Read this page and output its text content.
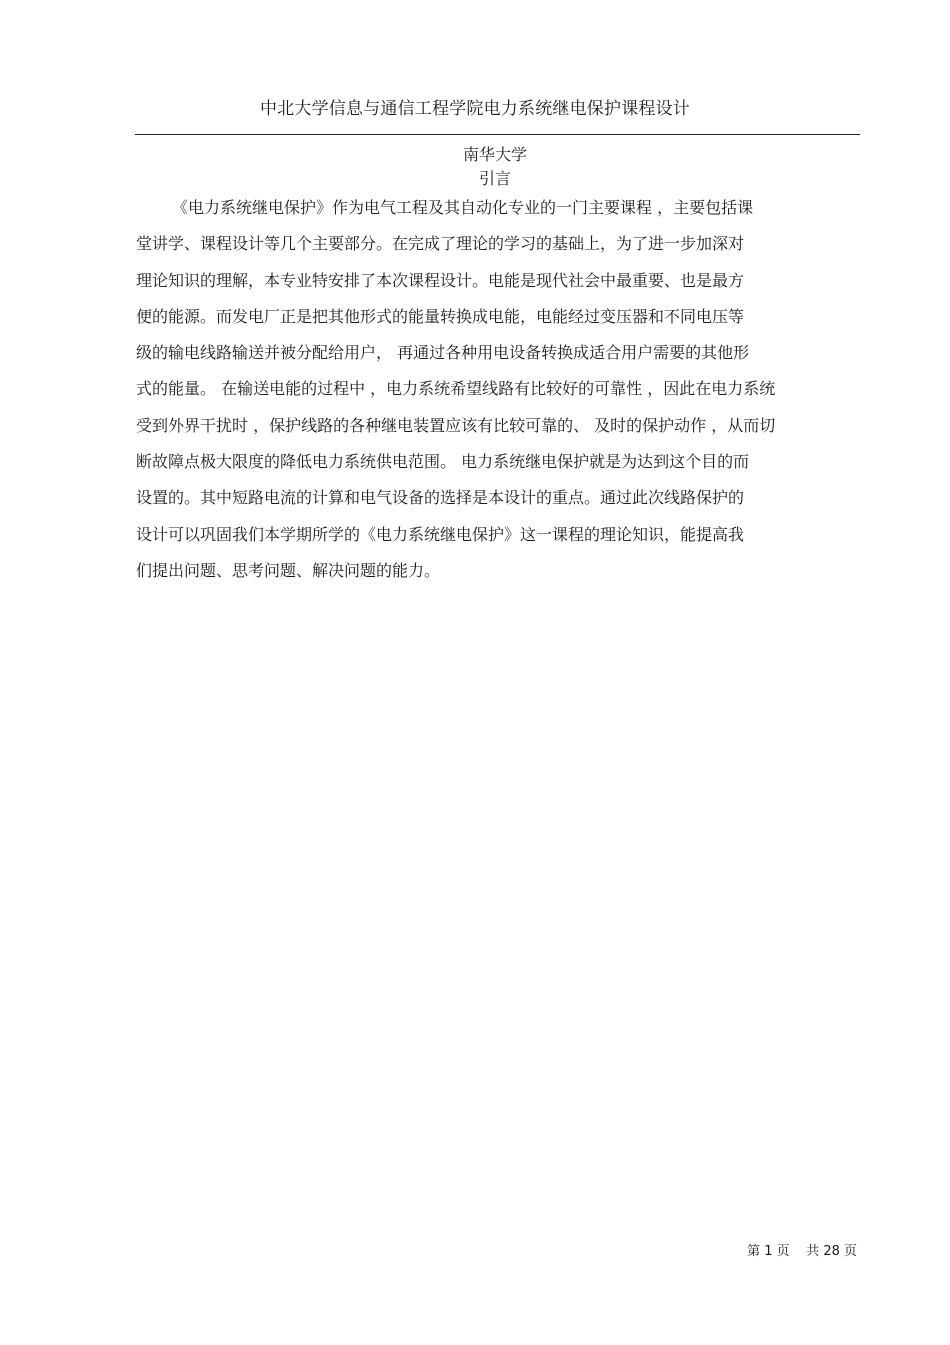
中北大学信息与通信工程学院电力系统继电保护课程设计
南华大学
引言
《电力系统继电保护》作为电气工程及其自动化专业的一门主要课程 ，主要包括课
堂讲学、课程设计等几个主要部分。在完成了理论的学习的基础上，为了进一步加深对
理论知识的理解，本专业特安排了本次课程设计。电能是现代社会中最重要、也是最方
便的能源。而发电厂正是把其他形式的能量转换成电能，电能经过变压器和不同电压等
级的输电线路输送并被分配给用户， 再通过各种用电设备转换成适合用户需要的其他形
式的能量。 在输送电能的过程中 ，电力系统希望线路有比较好的可靠性 ，因此在电力系统
受到外界干扰时 ，保护线路的各种继电装置应该有比较可靠的、 及时的保护动作 ，从而切
断故障点极大限度的降低电力系统供电范围。 电力系统继电保护就是为达到这个目的而
设置的。其中短路电流的计算和电气设备的选择是本设计的重点。通过此次线路保护的
设计可以巩固我们本学期所学的《电力系统继电保护》这一课程的理论知识，能提高我
们提出问题、思考问题、解决问题的能力。
第 1 页    共 28 页
